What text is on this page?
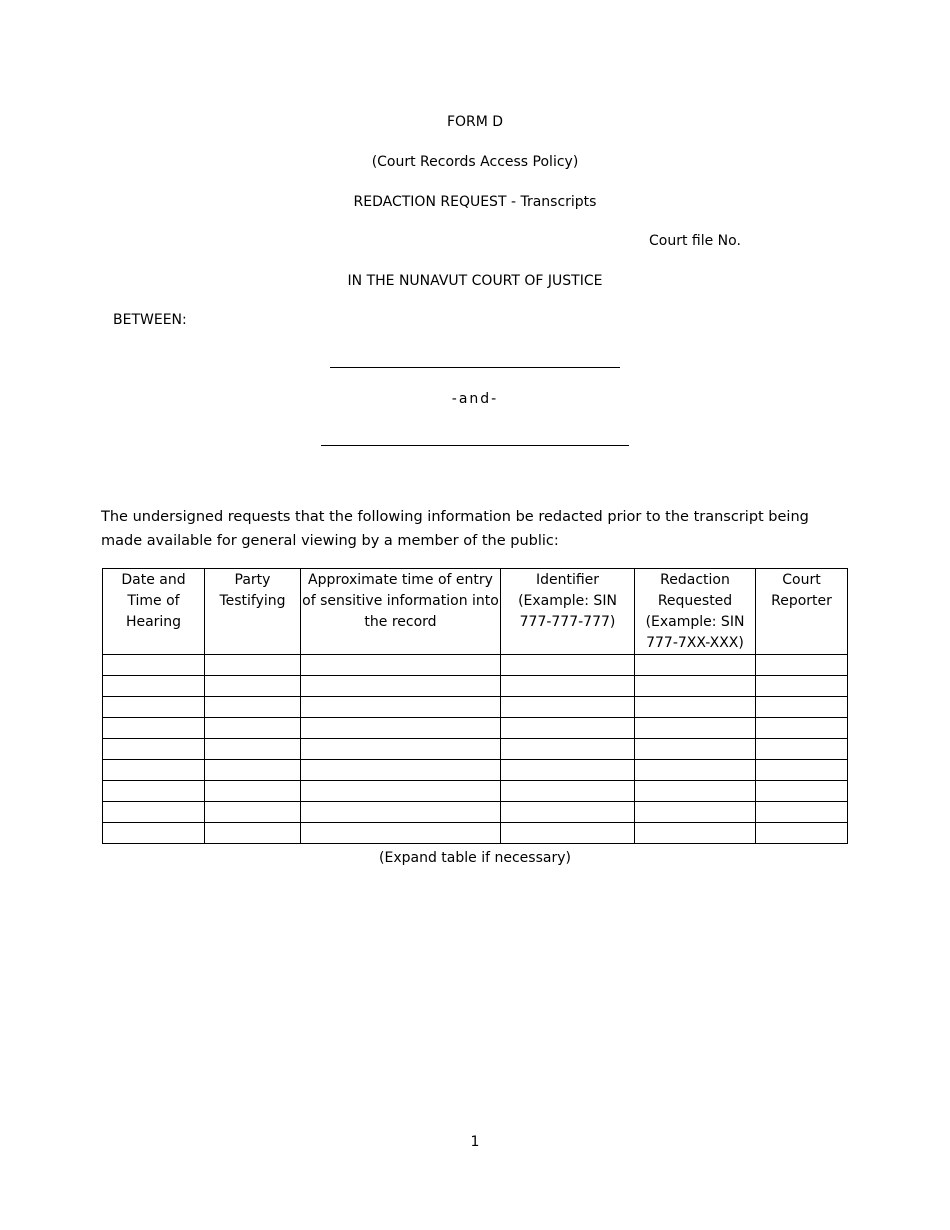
FORM D
(Court Records Access Policy)
REDACTION REQUEST - Transcripts
Court file No.
IN THE NUNAVUT COURT OF JUSTICE
BETWEEN:
-and-
The undersigned requests that the following information be redacted prior to the transcript being made available for general viewing by a member of the public:
Date and Time of Hearing	Party Testifying	Approximate time of entry of sensitive information into the record	Identifier (Example: SIN 777-777-777)	Redaction Requested (Example: SIN 777-7XX-XXX)	Court Reporter

(Expand table if necessary)
1
